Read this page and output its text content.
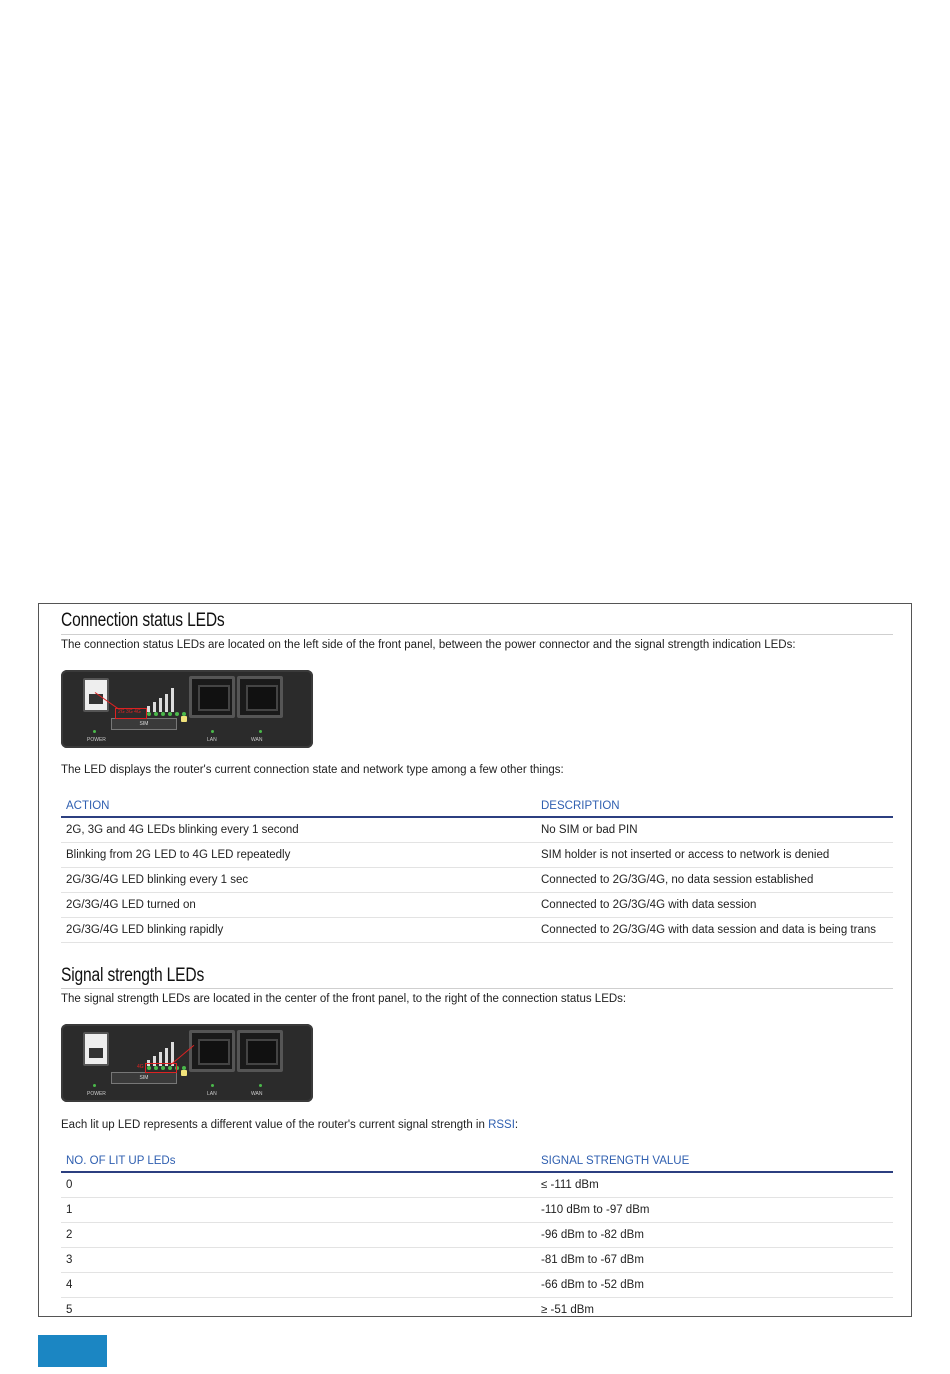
Connection status LEDs
The connection status LEDs are located on the left side of the front panel, between the power connector and the signal strength indication LEDs:
SIM
2G 3G 4G
POWER	LAN	WAN
The LED displays the router's current connection state and network type among a few other things:
ACTION	DESCRIPTION
2G, 3G and 4G LEDs blinking every 1 second	No SIM or bad PIN
Blinking from 2G LED to 4G LED repeatedly	SIM holder is not inserted or access to network is denied
2G/3G/4G LED blinking every 1 sec	Connected to 2G/3G/4G, no data session established
2G/3G/4G LED turned on	Connected to 2G/3G/4G with data session
2G/3G/4G LED blinking rapidly	Connected to 2G/3G/4G with data session and data is being trans
Signal strength LEDs
The signal strength LEDs are located in the center of the front panel, to the right of the connection status LEDs:
SIM
4G
POWER	LAN	WAN
Each lit up LED represents a different value of the router's current signal strength in RSSI:
NO. OF LIT UP LEDs	SIGNAL STRENGTH VALUE
0	≤ -111 dBm
1	-110 dBm to -97 dBm
2	-96 dBm to -82 dBm
3	-81 dBm to -67 dBm
4	-66 dBm to -52 dBm
5	≥ -51 dBm
